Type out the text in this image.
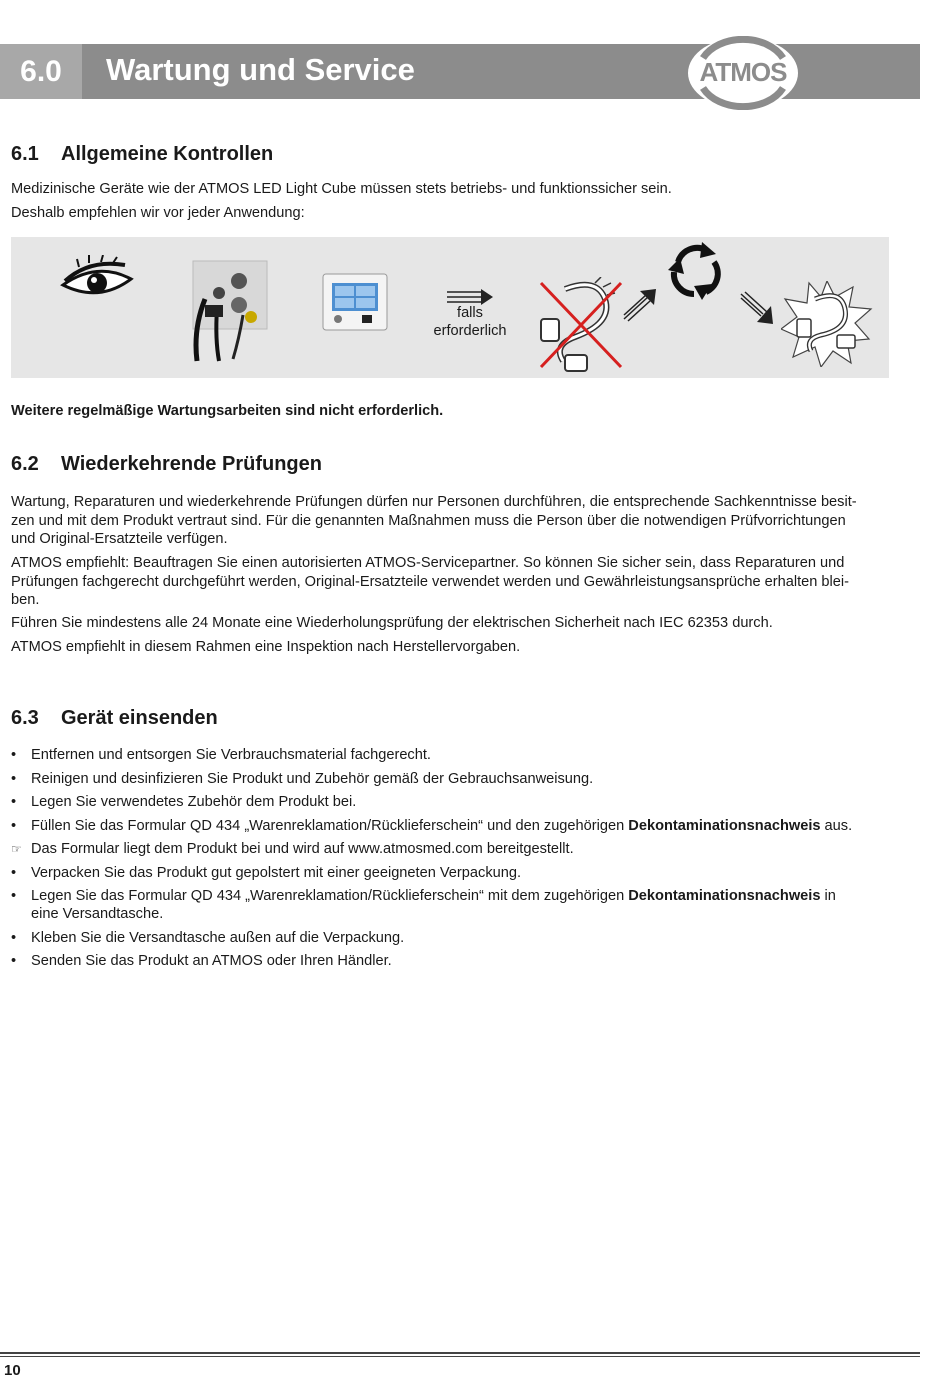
6.0	Wartung und Service	ATMOS
6.1 Allgemeine Kontrollen

Medizinische Geräte wie der ATMOS LED Light Cube müssen stets betriebs- und funktionssicher sein.

Deshalb empfehlen wir vor jeder Anwendung:

falls
erforderlich

Weitere regelmäßige Wartungsarbeiten sind nicht erforderlich.

6.2 Wiederkehrende Prüfungen

Wartung, Reparaturen und wiederkehrende Prüfungen dürfen nur Personen durchführen, die entsprechende Sachkenntnisse besit-
zen und mit dem Produkt vertraut sind. Für die genannten Maßnahmen muss die Person über die notwendigen Prüfvorrichtungen
und Original-Ersatzteile verfügen.

ATMOS empfiehlt: Beauftragen Sie einen autorisierten ATMOS-Servicepartner. So können Sie sicher sein, dass Reparaturen und
Prüfungen fachgerecht durchgeführt werden, Original-Ersatzteile verwendet werden und Gewährleistungsansprüche erhalten blei-
ben.

Führen Sie mindestens alle 24 Monate eine Wiederholungsprüfung der elektrischen Sicherheit nach IEC 62353 durch.

ATMOS empfiehlt in diesem Rahmen eine Inspektion nach Herstellervorgaben.

6.3 Gerät einsenden
•	Entfernen und entsorgen Sie Verbrauchsmaterial fachgerecht.
•	Reinigen und desinfizieren Sie Produkt und Zubehör gemäß der Gebrauchsanweisung.
•	Legen Sie verwendetes Zubehör dem Produkt bei.
•	Füllen Sie das Formular QD 434 „Warenreklamation/Rücklieferschein“ und den zugehörigen Dekontaminationsnachweis aus.
☞ Das Formular liegt dem Produkt bei und wird auf www.atmosmed.com bereitgestellt.
•	Verpacken Sie das Produkt gut gepolstert mit einer geeigneten Verpackung.
•	Legen Sie das Formular QD 434 „Warenreklamation/Rücklieferschein“ mit dem zugehörigen Dekontaminationsnachweis in
eine Versandtasche.
•	Kleben Sie die Versandtasche außen auf die Verpackung.
•	Senden Sie das Produkt an ATMOS oder Ihren Händler.
10
